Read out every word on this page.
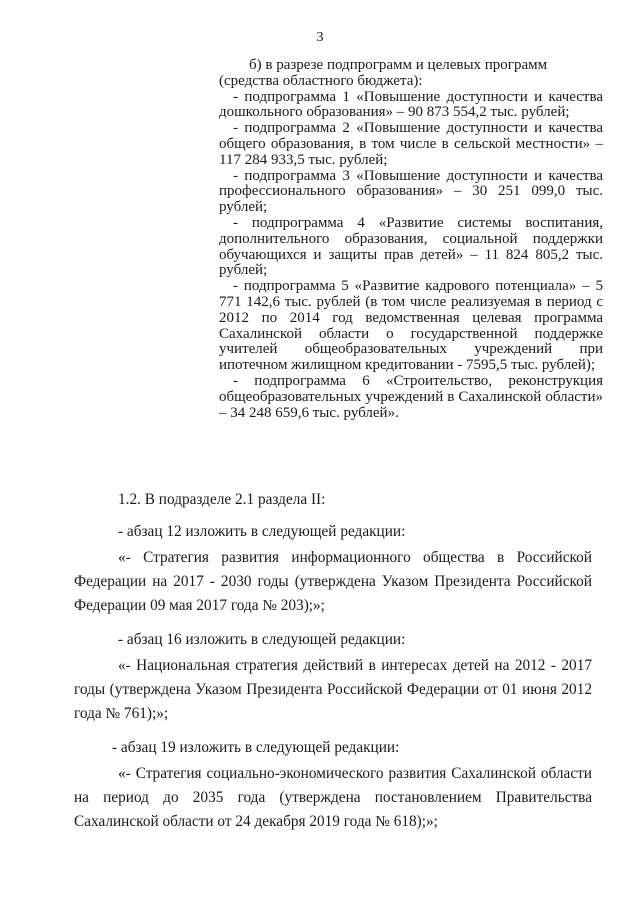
3

б) в разрезе подпрограмм и целевых программ (средства областного бюджета):

- подпрограмма 1 «Повышение доступности и качества дошкольного образования» – 90 873 554,2 тыс. рублей;

- подпрограмма 2 «Повышение доступности и качества общего образования, в том числе в сельской местности» – 117 284 933,5 тыс. рублей;

- подпрограмма 3 «Повышение доступности и качества профессионального образования» – 30 251 099,0 тыс. рублей;

- подпрограмма 4 «Развитие системы воспитания, дополнительного образования, социальной поддержки обучающихся и защиты прав детей» – 11 824 805,2 тыс. рублей;

- подпрограмма 5 «Развитие кадрового потенциала» – 5 771 142,6 тыс. рублей (в том числе реализуемая в период с 2012 по 2014 год ведомственная целевая программа Сахалинской области о государственной поддержке учителей общеобразовательных учреждений при ипотечном жилищном кредитовании - 7595,5 тыс. рублей);

- подпрограмма 6 «Строительство, реконструкция общеобразовательных учреждений в Сахалинской области» – 34 248 659,6 тыс. рублей».

1.2. В подразделе 2.1 раздела II:

- абзац 12 изложить в следующей редакции:

«- Стратегия развития информационного общества в Российской Федерации на 2017 - 2030 годы (утверждена Указом Президента Российской Федерации 09 мая 2017 года № 203);»;

- абзац 16 изложить в следующей редакции:

«- Национальная стратегия действий в интересах детей на 2012 - 2017 годы (утверждена Указом Президента Российской Федерации от 01 июня 2012 года № 761);»;

- абзац 19 изложить в следующей редакции:

«- Стратегия социально-экономического развития Сахалинской области на период до 2035 года (утверждена постановлением Правительства Сахалинской области от 24 декабря 2019 года № 618);»;
